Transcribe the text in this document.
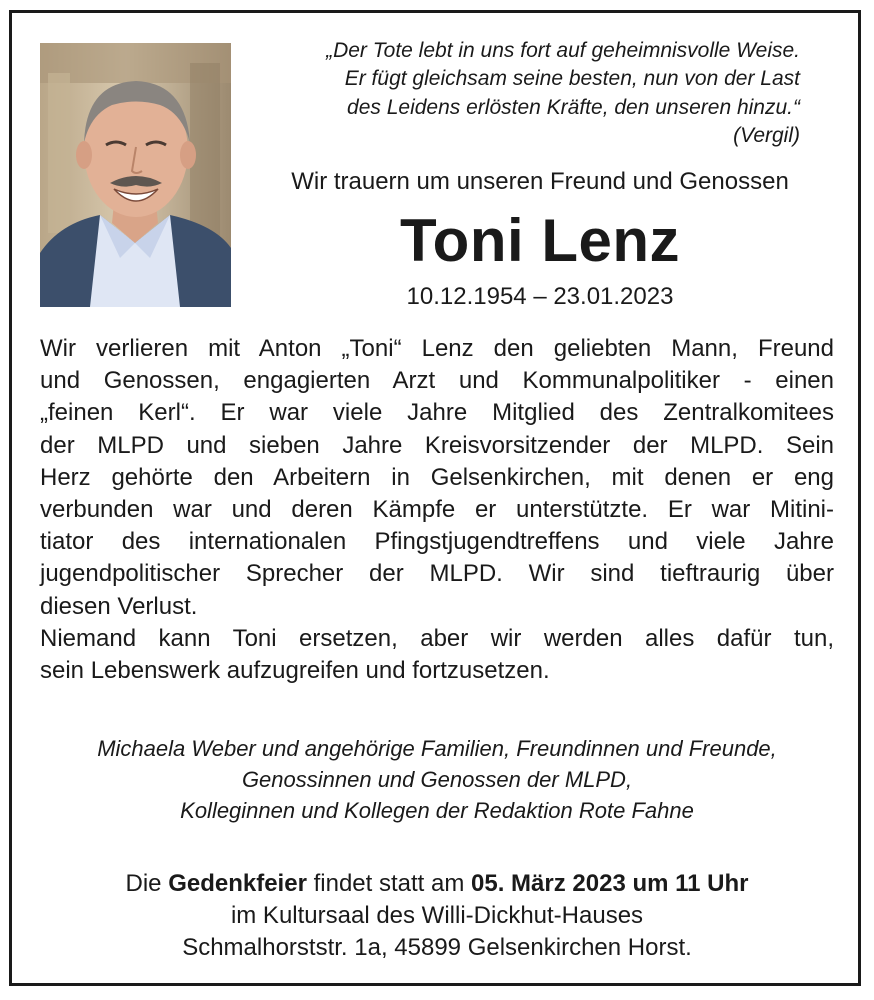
„Der Tote lebt in uns fort auf geheimnisvolle Weise.
Er fügt gleichsam seine besten, nun von der Last
des Leidens erlösten Kräfte, den unseren hinzu.“
(Vergil)
Wir trauern um unseren Freund und Genossen
Toni Lenz
10.12.1954 – 23.01.2023
Wir verlieren mit Anton „Toni“ Lenz den geliebten Mann, Freund
und Genossen, engagierten Arzt und Kommunalpolitiker - einen
„feinen Kerl“. Er war viele Jahre Mitglied des Zentralkomitees
der MLPD und sieben Jahre Kreisvorsitzender der MLPD. Sein
Herz gehörte den Arbeitern in Gelsenkirchen, mit denen er eng
verbunden war und deren Kämpfe er unterstützte. Er war Mitini-
tiator des internationalen Pfingstjugendtreffens und viele Jahre
jugendpolitischer Sprecher der MLPD. Wir sind tieftraurig über
diesen Verlust.
Niemand kann Toni ersetzen, aber wir werden alles dafür tun,
sein Lebenswerk aufzugreifen und fortzusetzen.
Michaela Weber und angehörige Familien, Freundinnen und Freunde,
Genossinnen und Genossen der MLPD,
Kolleginnen und Kollegen der Redaktion Rote Fahne
Die Gedenkfeier findet statt am 05. März 2023 um 11 Uhr
im Kultursaal des Willi-Dickhut-Hauses
Schmalhorststr. 1a, 45899 Gelsenkirchen Horst.
